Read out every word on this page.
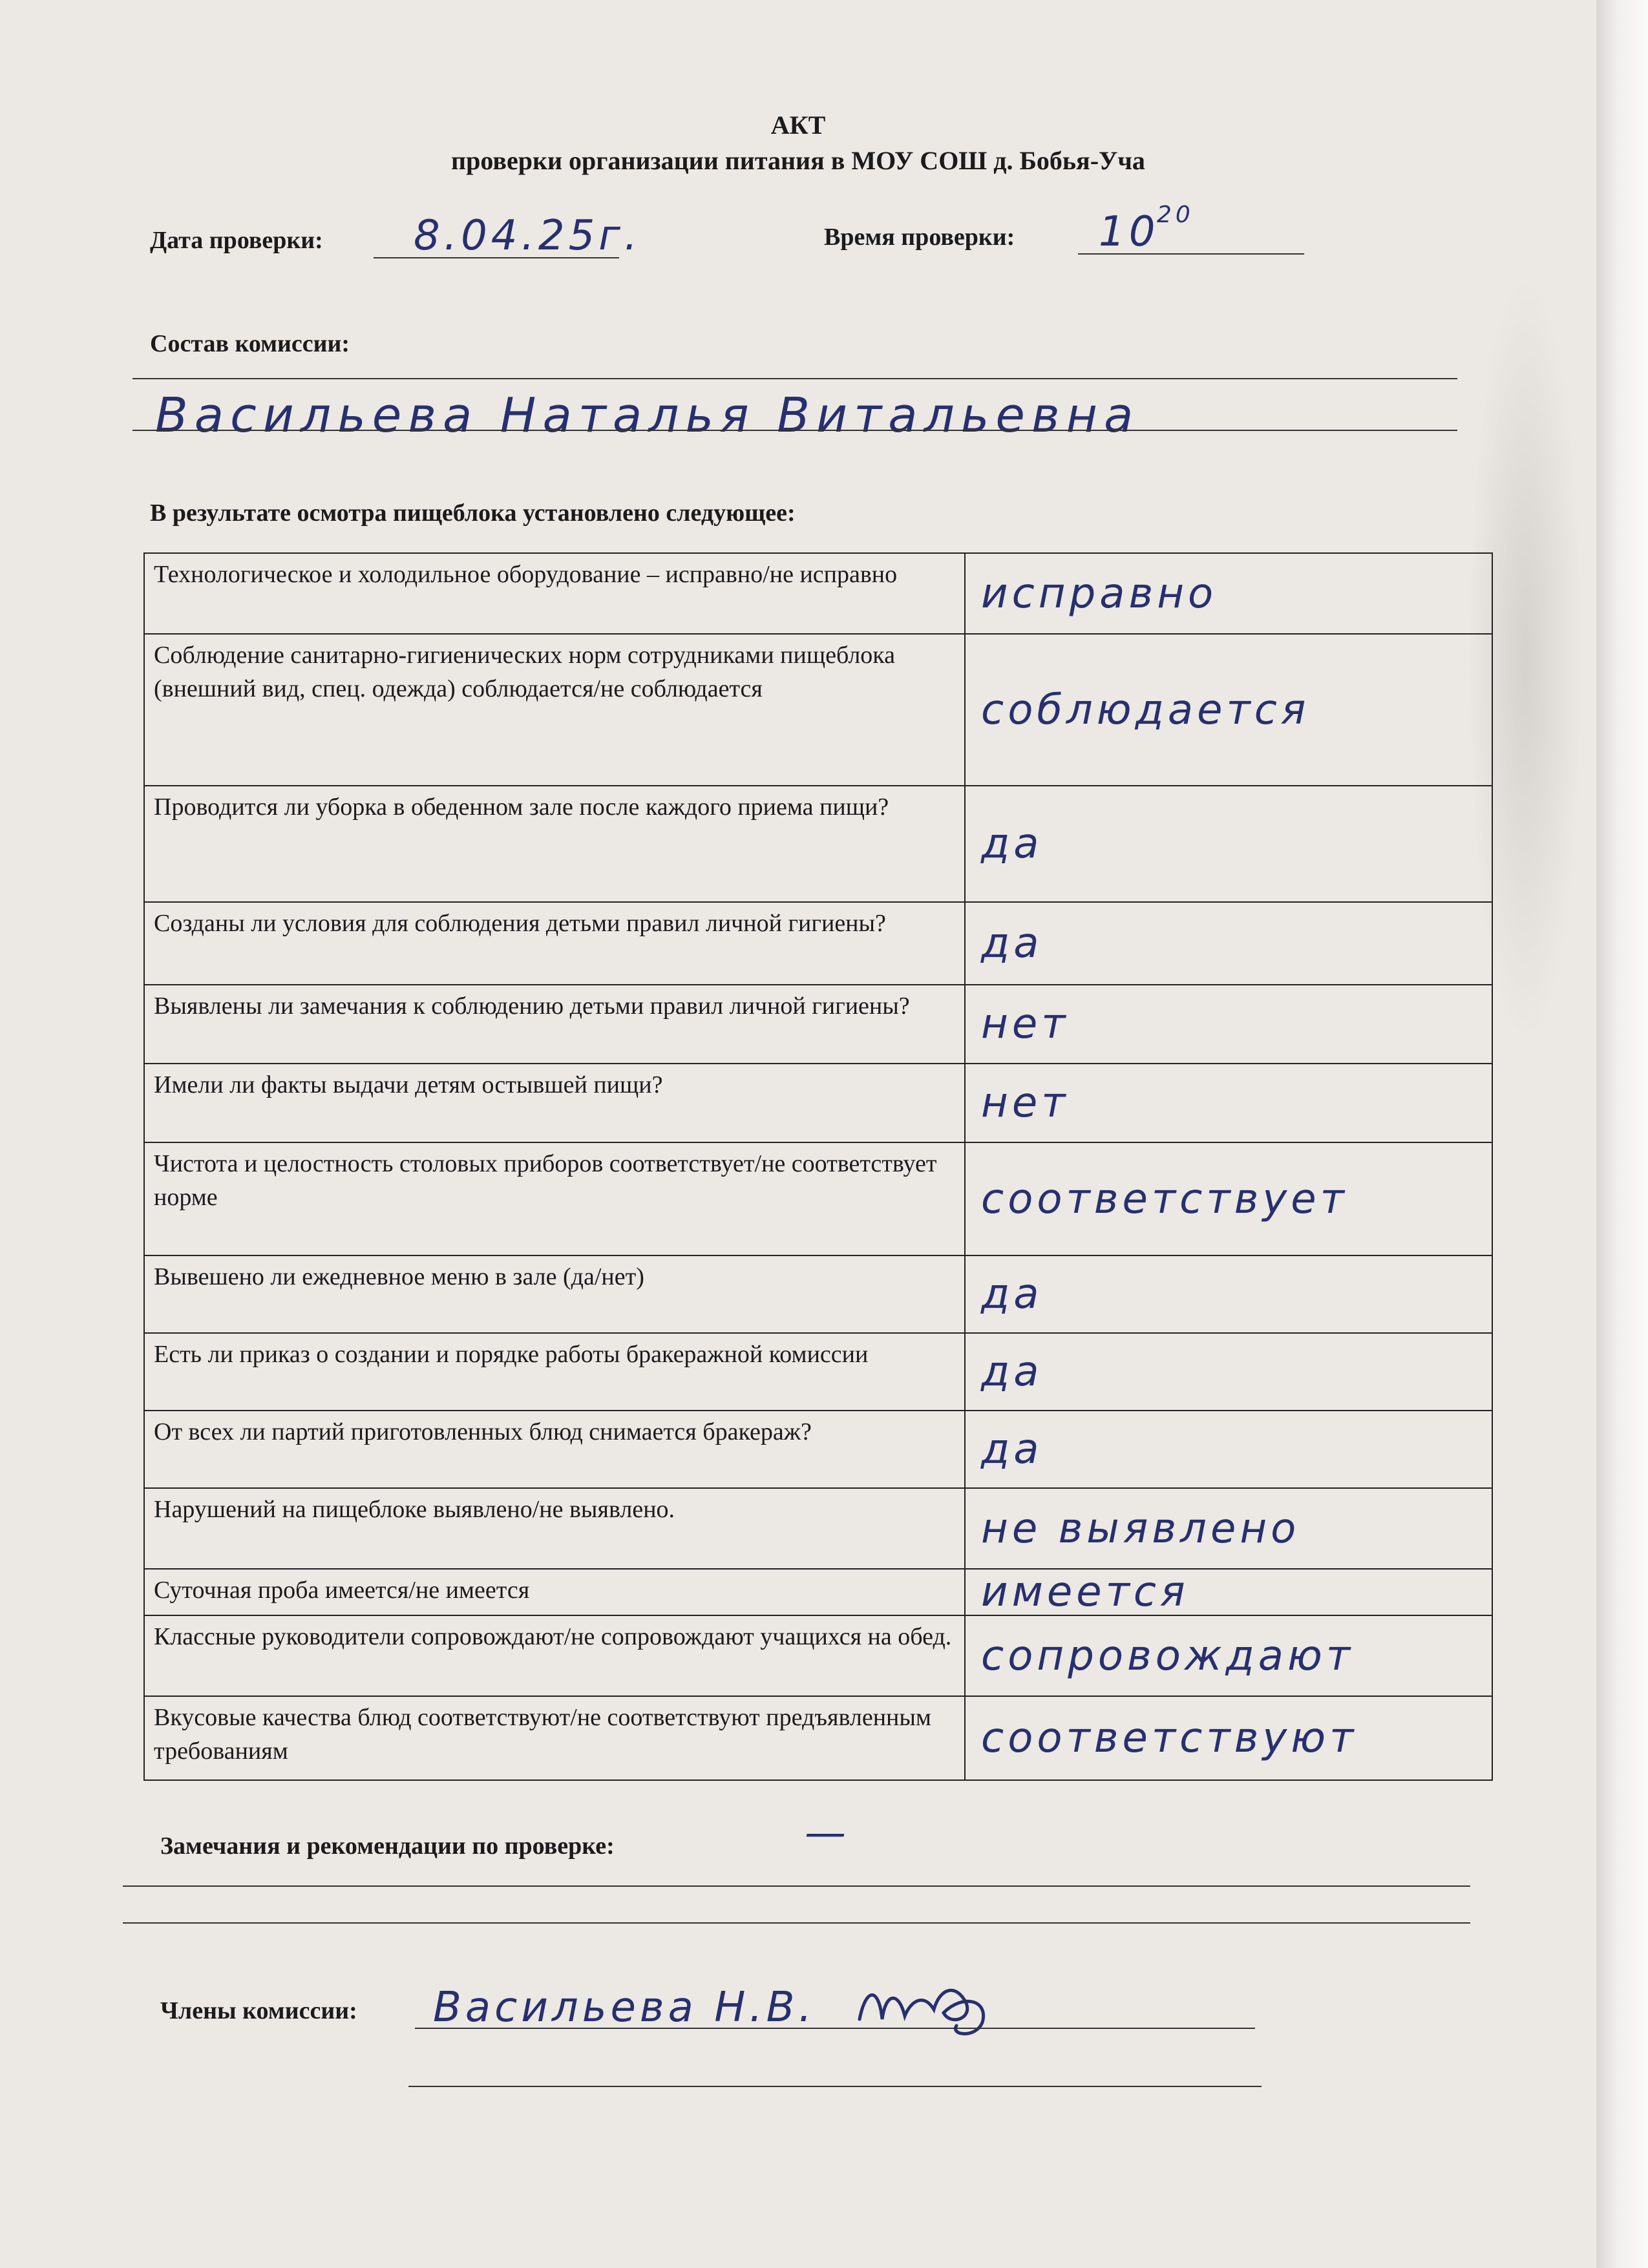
АКТ
проверки организации питания в МОУ СОШ д. Бобья-Уча
Дата проверки: 8.04.25г.	Время проверки: 10
20
Состав комиссии:
Васильева Наталья Витальевна
В результате осмотра пищеблока установлено следующее:
Технологическое и холодильное оборудование – исправно/не исправно	исправно
Соблюдение санитарно-гигиенических норм сотрудниками пищеблока (внешний вид, спец. одежда) соблюдается/не соблюдается	соблюдается
Проводится ли уборка в обеденном зале после каждого приема пищи?	да
Созданы ли условия для соблюдения детьми правил личной гигиены?	да
Выявлены ли замечания к соблюдению детьми правил личной гигиены?	нет
Имели ли факты выдачи детям остывшей пищи?	нет
Чистота и целостность столовых приборов соответствует/не соответствует норме	соответствует
Вывешено ли ежедневное меню в зале (да/нет)	да
Есть ли приказ о создании и порядке работы бракеражной комиссии	да
От всех ли партий приготовленных блюд снимается бракераж?	да
Нарушений на пищеблоке выявлено/не выявлено.	не выявлено
Суточная проба имеется/не имеется	имеется
Классные руководители сопровождают/не сопровождают учащихся на обед.	сопровождают
Вкусовые качества блюд соответствуют/не соответствуют предъявленным требованиям	соответствуют
Замечания и рекомендации по проверке:	—
Члены комиссии: Васильева Н.В.
